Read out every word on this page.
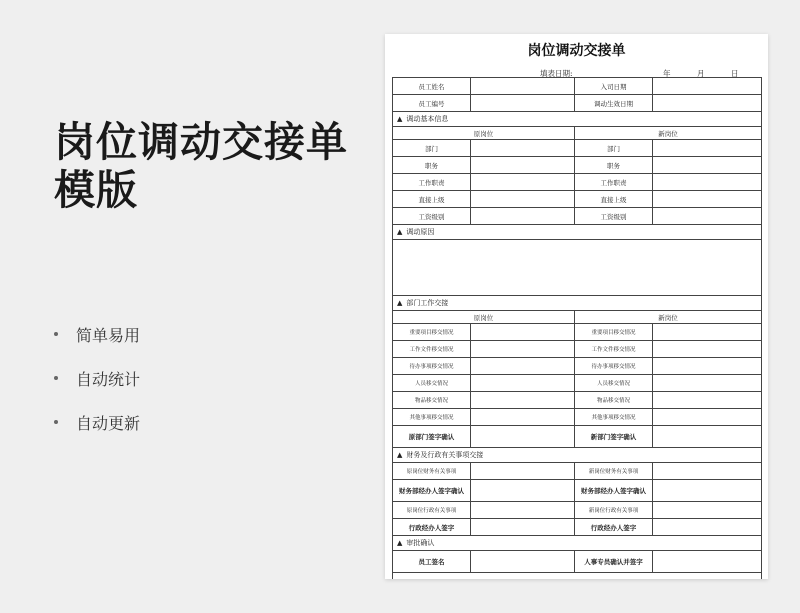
岗位调动交接单模版
简单易用
自动统计
自动更新
岗位调动交接单
填表日期:	年	月	日
员工姓名		入司日期	
员工编号		调动生效日期	
▲ 调动基本信息			
原岗位		新岗位	
部门		部门	
职务		职务	
工作职责		工作职责	
直接上级		直接上级	
工资级别		工资级别	
▲ 调动原因			

▲ 部门工作交接			
原岗位		新岗位	
重要项目移交情况		重要项目移交情况	
工作文件移交情况		工作文件移交情况	
待办事项移交情况		待办事项移交情况	
人员移交情况		人员移交情况	
物品移交情况		物品移交情况	
其他事项移交情况		其他事项移交情况	
原部门签字确认		新部门签字确认	
▲ 财务及行政有关事项交接			
原岗位财务有关事项		新岗位财务有关事项	
财务部经办人签字确认		财务部经办人签字确认	
原岗位行政有关事项		新岗位行政有关事项	
行政经办人签字		行政经办人签字	
▲ 审批确认			
员工签名		人事专员确认并签字	
